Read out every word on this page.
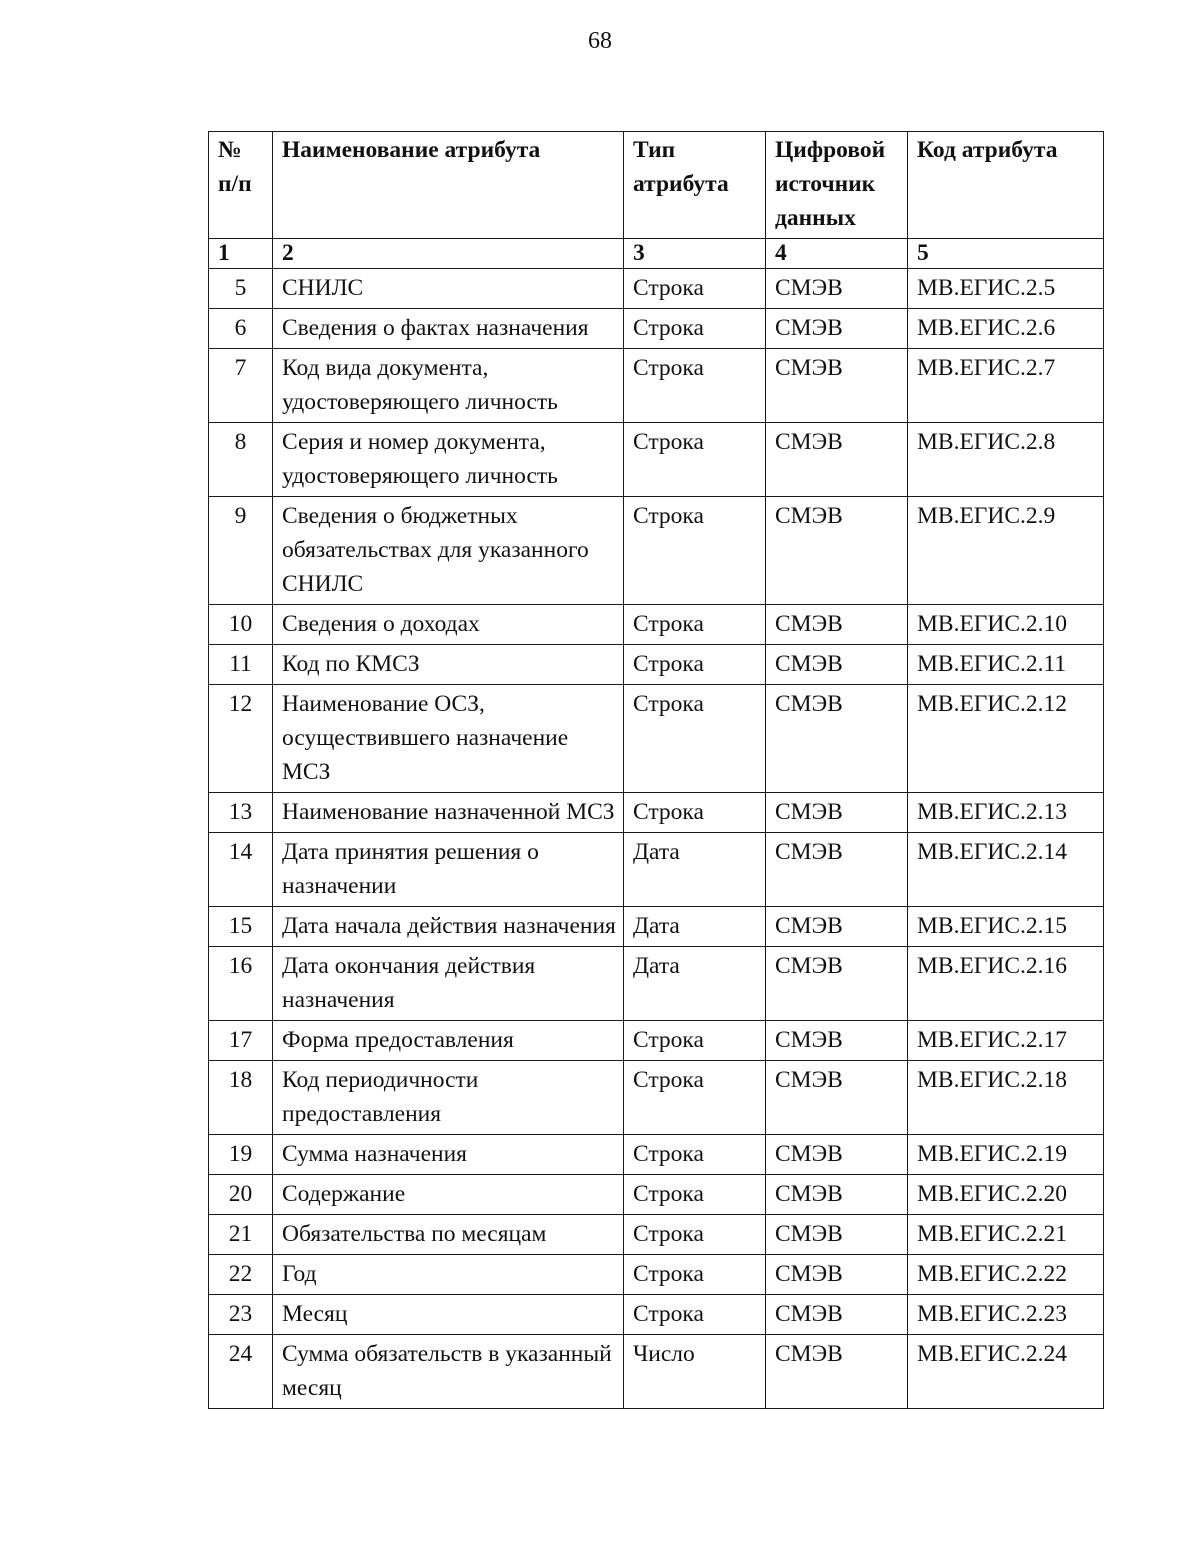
68
№ п/п	Наименование атрибута	Тип атрибута	Цифровой источник данных	Код атрибута
1	2	3	4	5
5	СНИЛС	Строка	СМЭВ	МВ.ЕГИС.2.5
6	Сведения о фактах назначения	Строка	СМЭВ	МВ.ЕГИС.2.6
7	Код вида документа, удостоверяющего личность	Строка	СМЭВ	МВ.ЕГИС.2.7
8	Серия и номер документа, удостоверяющего личность	Строка	СМЭВ	МВ.ЕГИС.2.8
9	Сведения о бюджетных обязательствах для указанного СНИЛС	Строка	СМЭВ	МВ.ЕГИС.2.9
10	Сведения о доходах	Строка	СМЭВ	МВ.ЕГИС.2.10
11	Код по КМСЗ	Строка	СМЭВ	МВ.ЕГИС.2.11
12	Наименование ОСЗ, осуществившего назначение МСЗ	Строка	СМЭВ	МВ.ЕГИС.2.12
13	Наименование назначенной МСЗ	Строка	СМЭВ	МВ.ЕГИС.2.13
14	Дата принятия решения о назначении	Дата	СМЭВ	МВ.ЕГИС.2.14
15	Дата начала действия назначения	Дата	СМЭВ	МВ.ЕГИС.2.15
16	Дата окончания действия назначения	Дата	СМЭВ	МВ.ЕГИС.2.16
17	Форма предоставления	Строка	СМЭВ	МВ.ЕГИС.2.17
18	Код периодичности предоставления	Строка	СМЭВ	МВ.ЕГИС.2.18
19	Сумма назначения	Строка	СМЭВ	МВ.ЕГИС.2.19
20	Содержание	Строка	СМЭВ	МВ.ЕГИС.2.20
21	Обязательства по месяцам	Строка	СМЭВ	МВ.ЕГИС.2.21
22	Год	Строка	СМЭВ	МВ.ЕГИС.2.22
23	Месяц	Строка	СМЭВ	МВ.ЕГИС.2.23
24	Сумма обязательств в указанный месяц	Число	СМЭВ	МВ.ЕГИС.2.24
